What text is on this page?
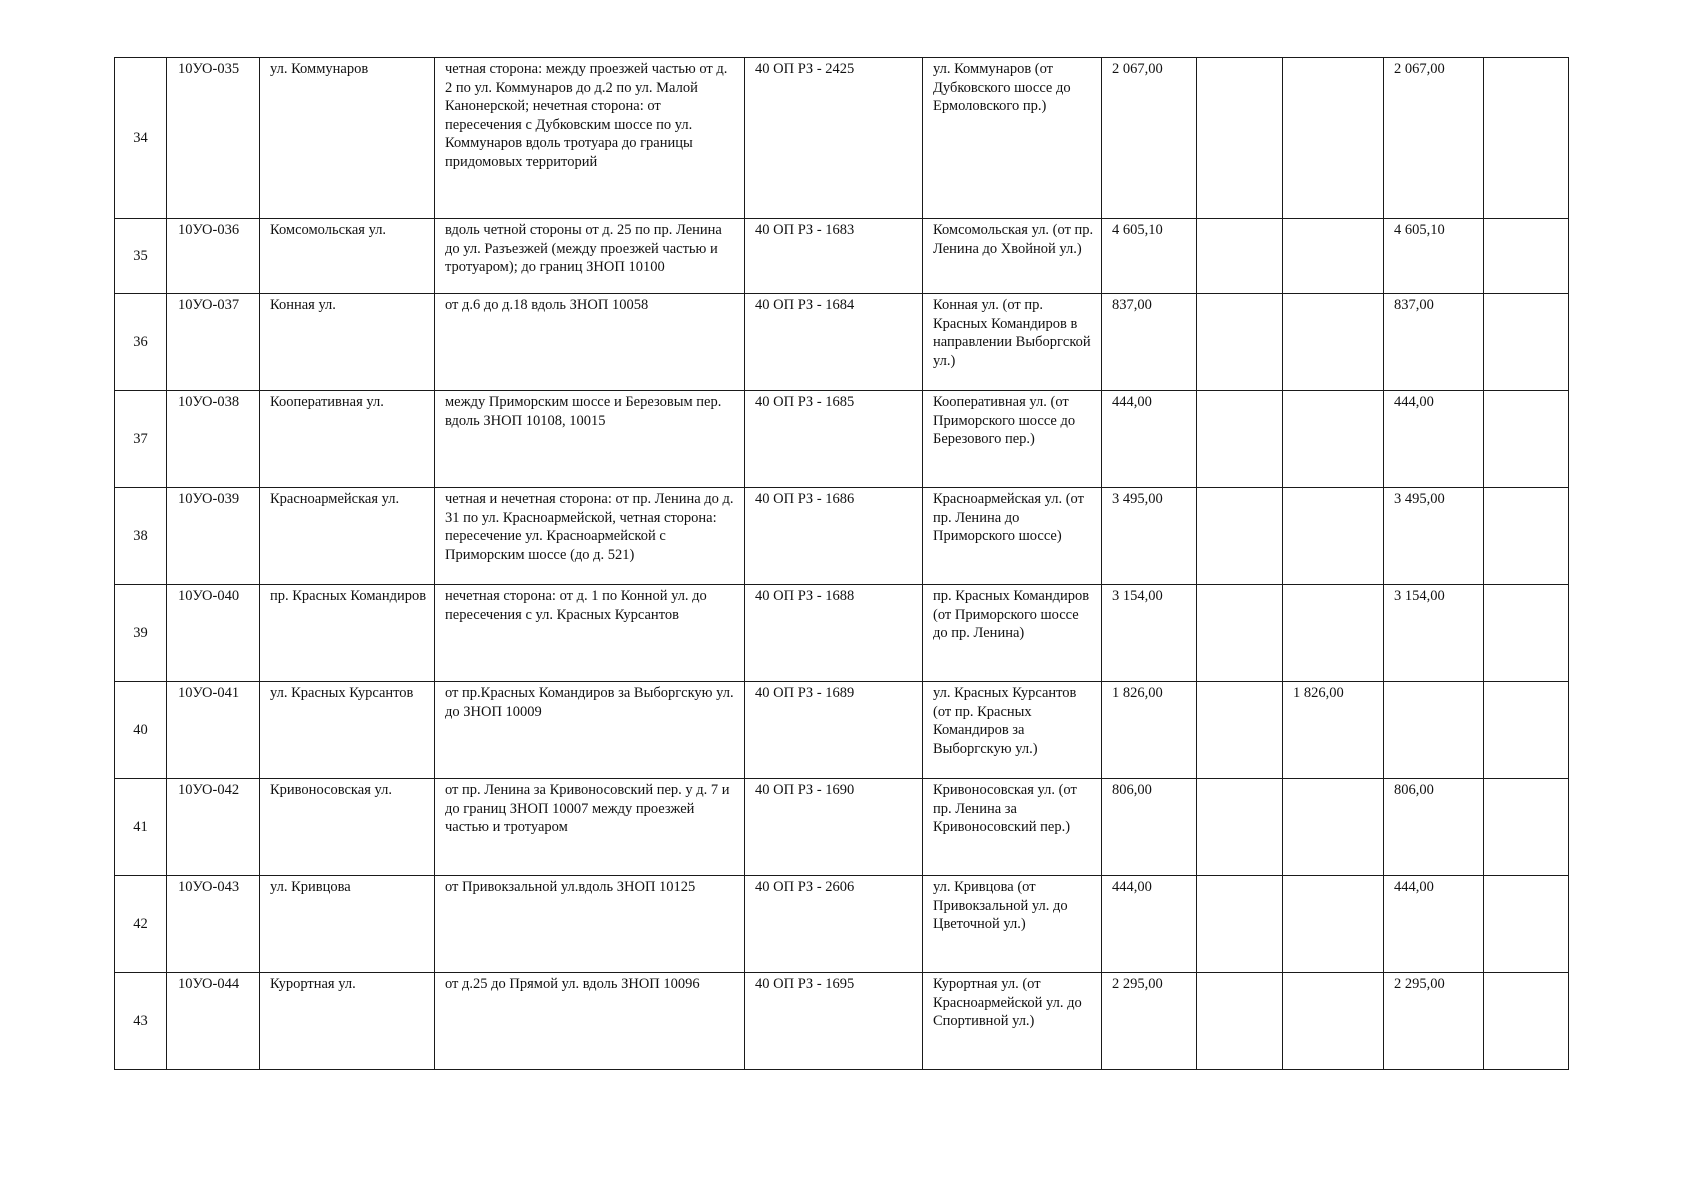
34	10УО-035	ул. Коммунаров	четная сторона: между проезжей частью от д. 2 по ул. Коммунаров до д.2 по ул. Малой Канонерской; нечетная сторона: от пересечения с Дубковским шоссе по ул. Коммунаров вдоль тротуара до границы придомовых территорий	40 ОП РЗ - 2425	ул. Коммунаров (от Дубковского шоссе до Ермоловского пр.)	2 067,00			2 067,00	
35	10УО-036	Комсомольская ул.	вдоль четной стороны от д. 25 по пр. Ленина до ул. Разъезжей (между проезжей частью и тротуаром); до границ ЗНОП 10100	40 ОП РЗ - 1683	Комсомольская ул. (от пр. Ленина до Хвойной ул.)	4 605,10			4 605,10	
36	10УО-037	Конная ул.	от д.6 до д.18 вдоль ЗНОП 10058	40 ОП РЗ - 1684	Конная ул. (от пр. Красных Командиров в направлении Выборгской ул.)	837,00			837,00	
37	10УО-038	Кооперативная ул.	между Приморским шоссе и Березовым пер. вдоль ЗНОП 10108, 10015	40 ОП РЗ - 1685	Кооперативная ул. (от Приморского шоссе до Березового пер.)	444,00			444,00	
38	10УО-039	Красноармейская ул.	четная и нечетная сторона: от пр. Ленина до д. 31 по ул. Красноармейской, четная сторона: пересечение ул. Красноармейской с Приморским шоссе (до д. 521)	40 ОП РЗ - 1686	Красноармейская ул. (от пр. Ленина до Приморского шоссе)	3 495,00			3 495,00	
39	10УО-040	пр. Красных Командиров	нечетная сторона: от д. 1 по Конной ул. до пересечения с ул. Красных Курсантов	40 ОП РЗ - 1688	пр. Красных Командиров (от Приморского шоссе до пр. Ленина)	3 154,00			3 154,00	
40	10УО-041	ул. Красных Курсантов	от пр.Красных Командиров за Выборгскую ул. до ЗНОП 10009	40 ОП РЗ - 1689	ул. Красных Курсантов (от пр. Красных Командиров за Выборгскую ул.)	1 826,00		1 826,00		
41	10УО-042	Кривоносовская ул.	от пр. Ленина за Кривоносовский пер. у д. 7 и до границ ЗНОП 10007 между проезжей частью и тротуаром	40 ОП РЗ - 1690	Кривоносовская ул. (от пр. Ленина за Кривоносовский пер.)	806,00			806,00	
42	10УО-043	ул. Кривцова	от Привокзальной ул.вдоль ЗНОП 10125	40 ОП РЗ - 2606	ул. Кривцова (от Привокзальной ул. до Цветочной ул.)	444,00			444,00	
43	10УО-044	Курортная ул.	от д.25 до Прямой ул. вдоль ЗНОП 10096	40 ОП РЗ - 1695	Курортная ул. (от Красноармейской ул. до Спортивной ул.)	2 295,00			2 295,00	
